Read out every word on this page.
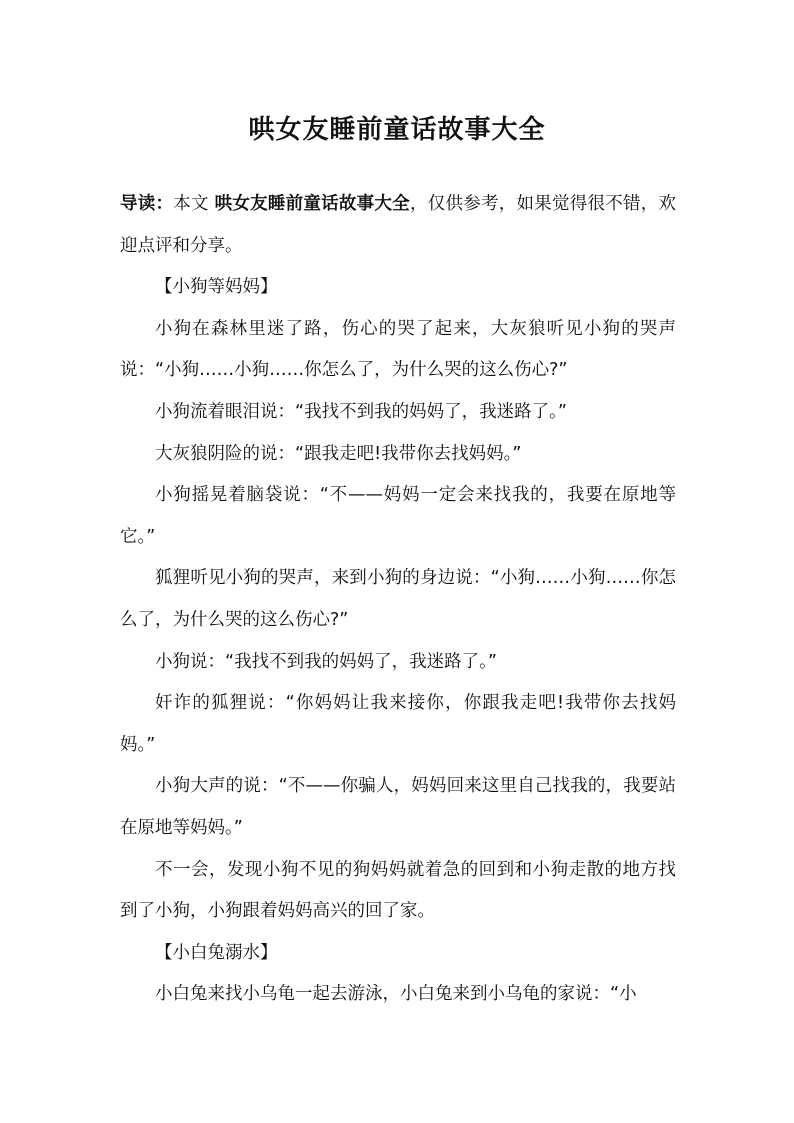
哄女友睡前童话故事大全

导读：本文 哄女友睡前童话故事大全，仅供参考，如果觉得很不错，欢迎点评和分享。

【小狗等妈妈】

小狗在森林里迷了路，伤心的哭了起来，大灰狼听见小狗的哭声说：“小狗……小狗……你怎么了，为什么哭的这么伤心?”

小狗流着眼泪说：“我找不到我的妈妈了，我迷路了。”

大灰狼阴险的说：“跟我走吧!我带你去找妈妈。”

小狗摇晃着脑袋说：“不——妈妈一定会来找我的，我要在原地等它。”

狐狸听见小狗的哭声，来到小狗的身边说：“小狗……小狗……你怎么了，为什么哭的这么伤心?”

小狗说：“我找不到我的妈妈了，我迷路了。”

奸诈的狐狸说：“你妈妈让我来接你，你跟我走吧!我带你去找妈妈。”

小狗大声的说：“不——你骗人，妈妈回来这里自己找我的，我要站在原地等妈妈。”

不一会，发现小狗不见的狗妈妈就着急的回到和小狗走散的地方找到了小狗，小狗跟着妈妈高兴的回了家。

【小白兔溺水】

小白兔来找小乌龟一起去游泳，小白兔来到小乌龟的家说：“小
